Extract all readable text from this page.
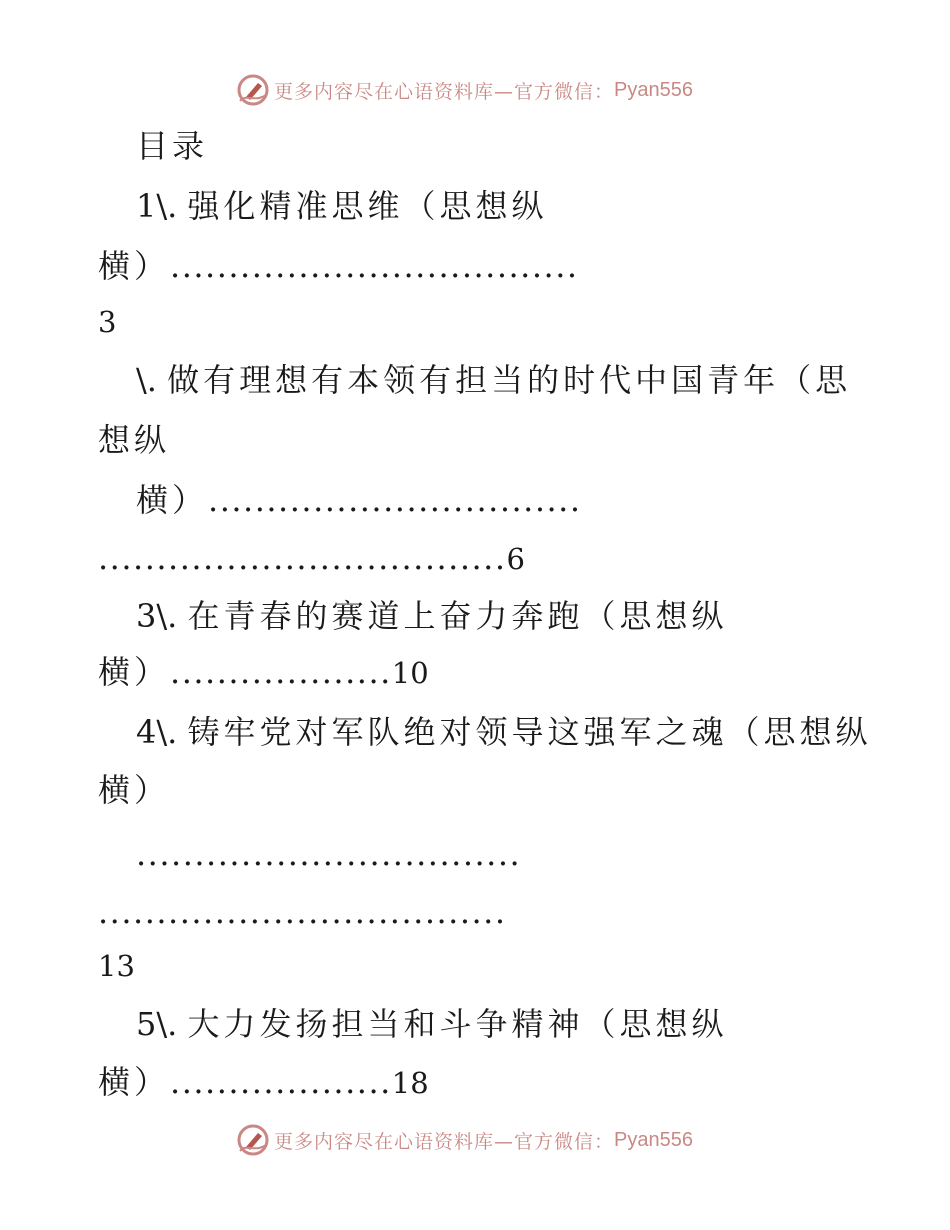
更多内容尽在心语资料库—官方微信： Pyan556
目录
1\. 强化精准思维（思想纵
横）...................................
3
\. 做有理想有本领有担当的时代中国青年（思
想纵
横）................................
...................................6
3\. 在青春的赛道上奋力奔跑（思想纵
横）...................10
4\. 铸牢党对军队绝对领导这强军之魂（思想纵
横）
.................................
...................................
13
5\. 大力发扬担当和斗争精神（思想纵
横）...................18
更多内容尽在心语资料库—官方微信： Pyan556
